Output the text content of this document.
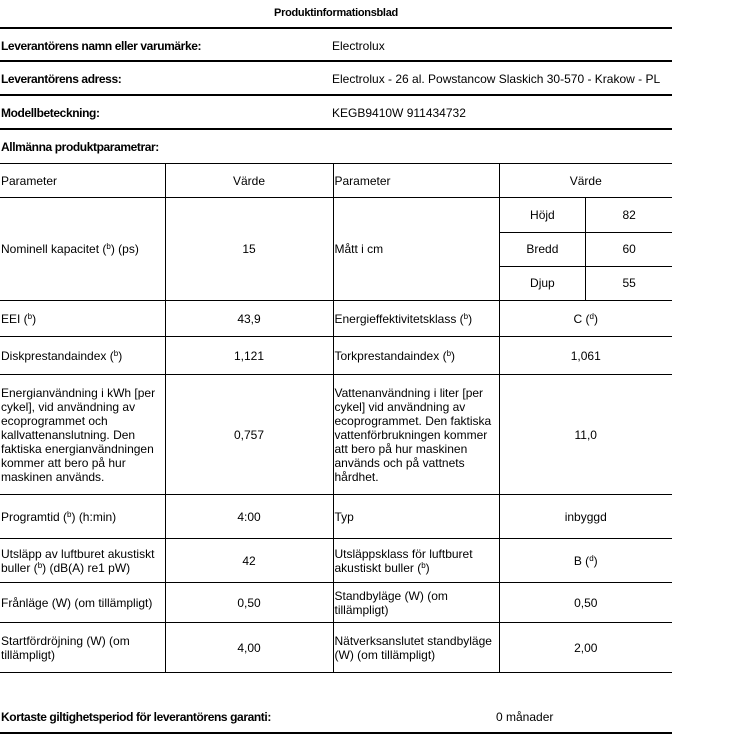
Produktinformationsblad
Leverantörens namn eller varumärke:	Electrolux
Leverantörens adress:	Electrolux - 26 al. Powstancow Slaskich 30-570 - Krakow - PL
Modellbeteckning:	KEGB9410W 911434732
Allmänna produktparametrar:
Parameter	Värde	Parameter	Värde
Nominell kapacitet ($^b$) (ps)	15	Mått i cm	
Höjd	82
Bredd	60
Djup	55

EEI ($^b$)	43,9	Energieffektivitetsklass ($^b$)	C ($^d$)
Diskprestandaindex ($^b$)	1,121	Torkprestandaindex ($^b$)	1,061
Energianvändning i kWh [per cykel], vid användning av ecoprogrammet och kallvattenanslutning. Den faktiska energianvändningen kommer att bero på hur maskinen används.	0,757	Vattenanvändning i liter [per cykel] vid användning av ecoprogrammet. Den faktiska vattenförbrukningen kommer att bero på hur maskinen används och på vattnets hårdhet.	11,0
Programtid ($^b$) (h:min)	4:00	Typ	inbyggd
Utsläpp av luftburet akustiskt buller ($^b$) (dB(A) re1 pW)	42	Utsläppsklass för luftburet akustiskt buller ($^b$)	B ($^d$)
Frånläge (W) (om tillämpligt)	0,50	Standbyläge (W) (om tillämpligt)	0,50
Startfördröjning (W) (om tillämpligt)	4,00	Nätverksanslutet standbyläge (W) (om tillämpligt)	2,00
Kortaste giltighetsperiod för leverantörens garanti:	0 månader
